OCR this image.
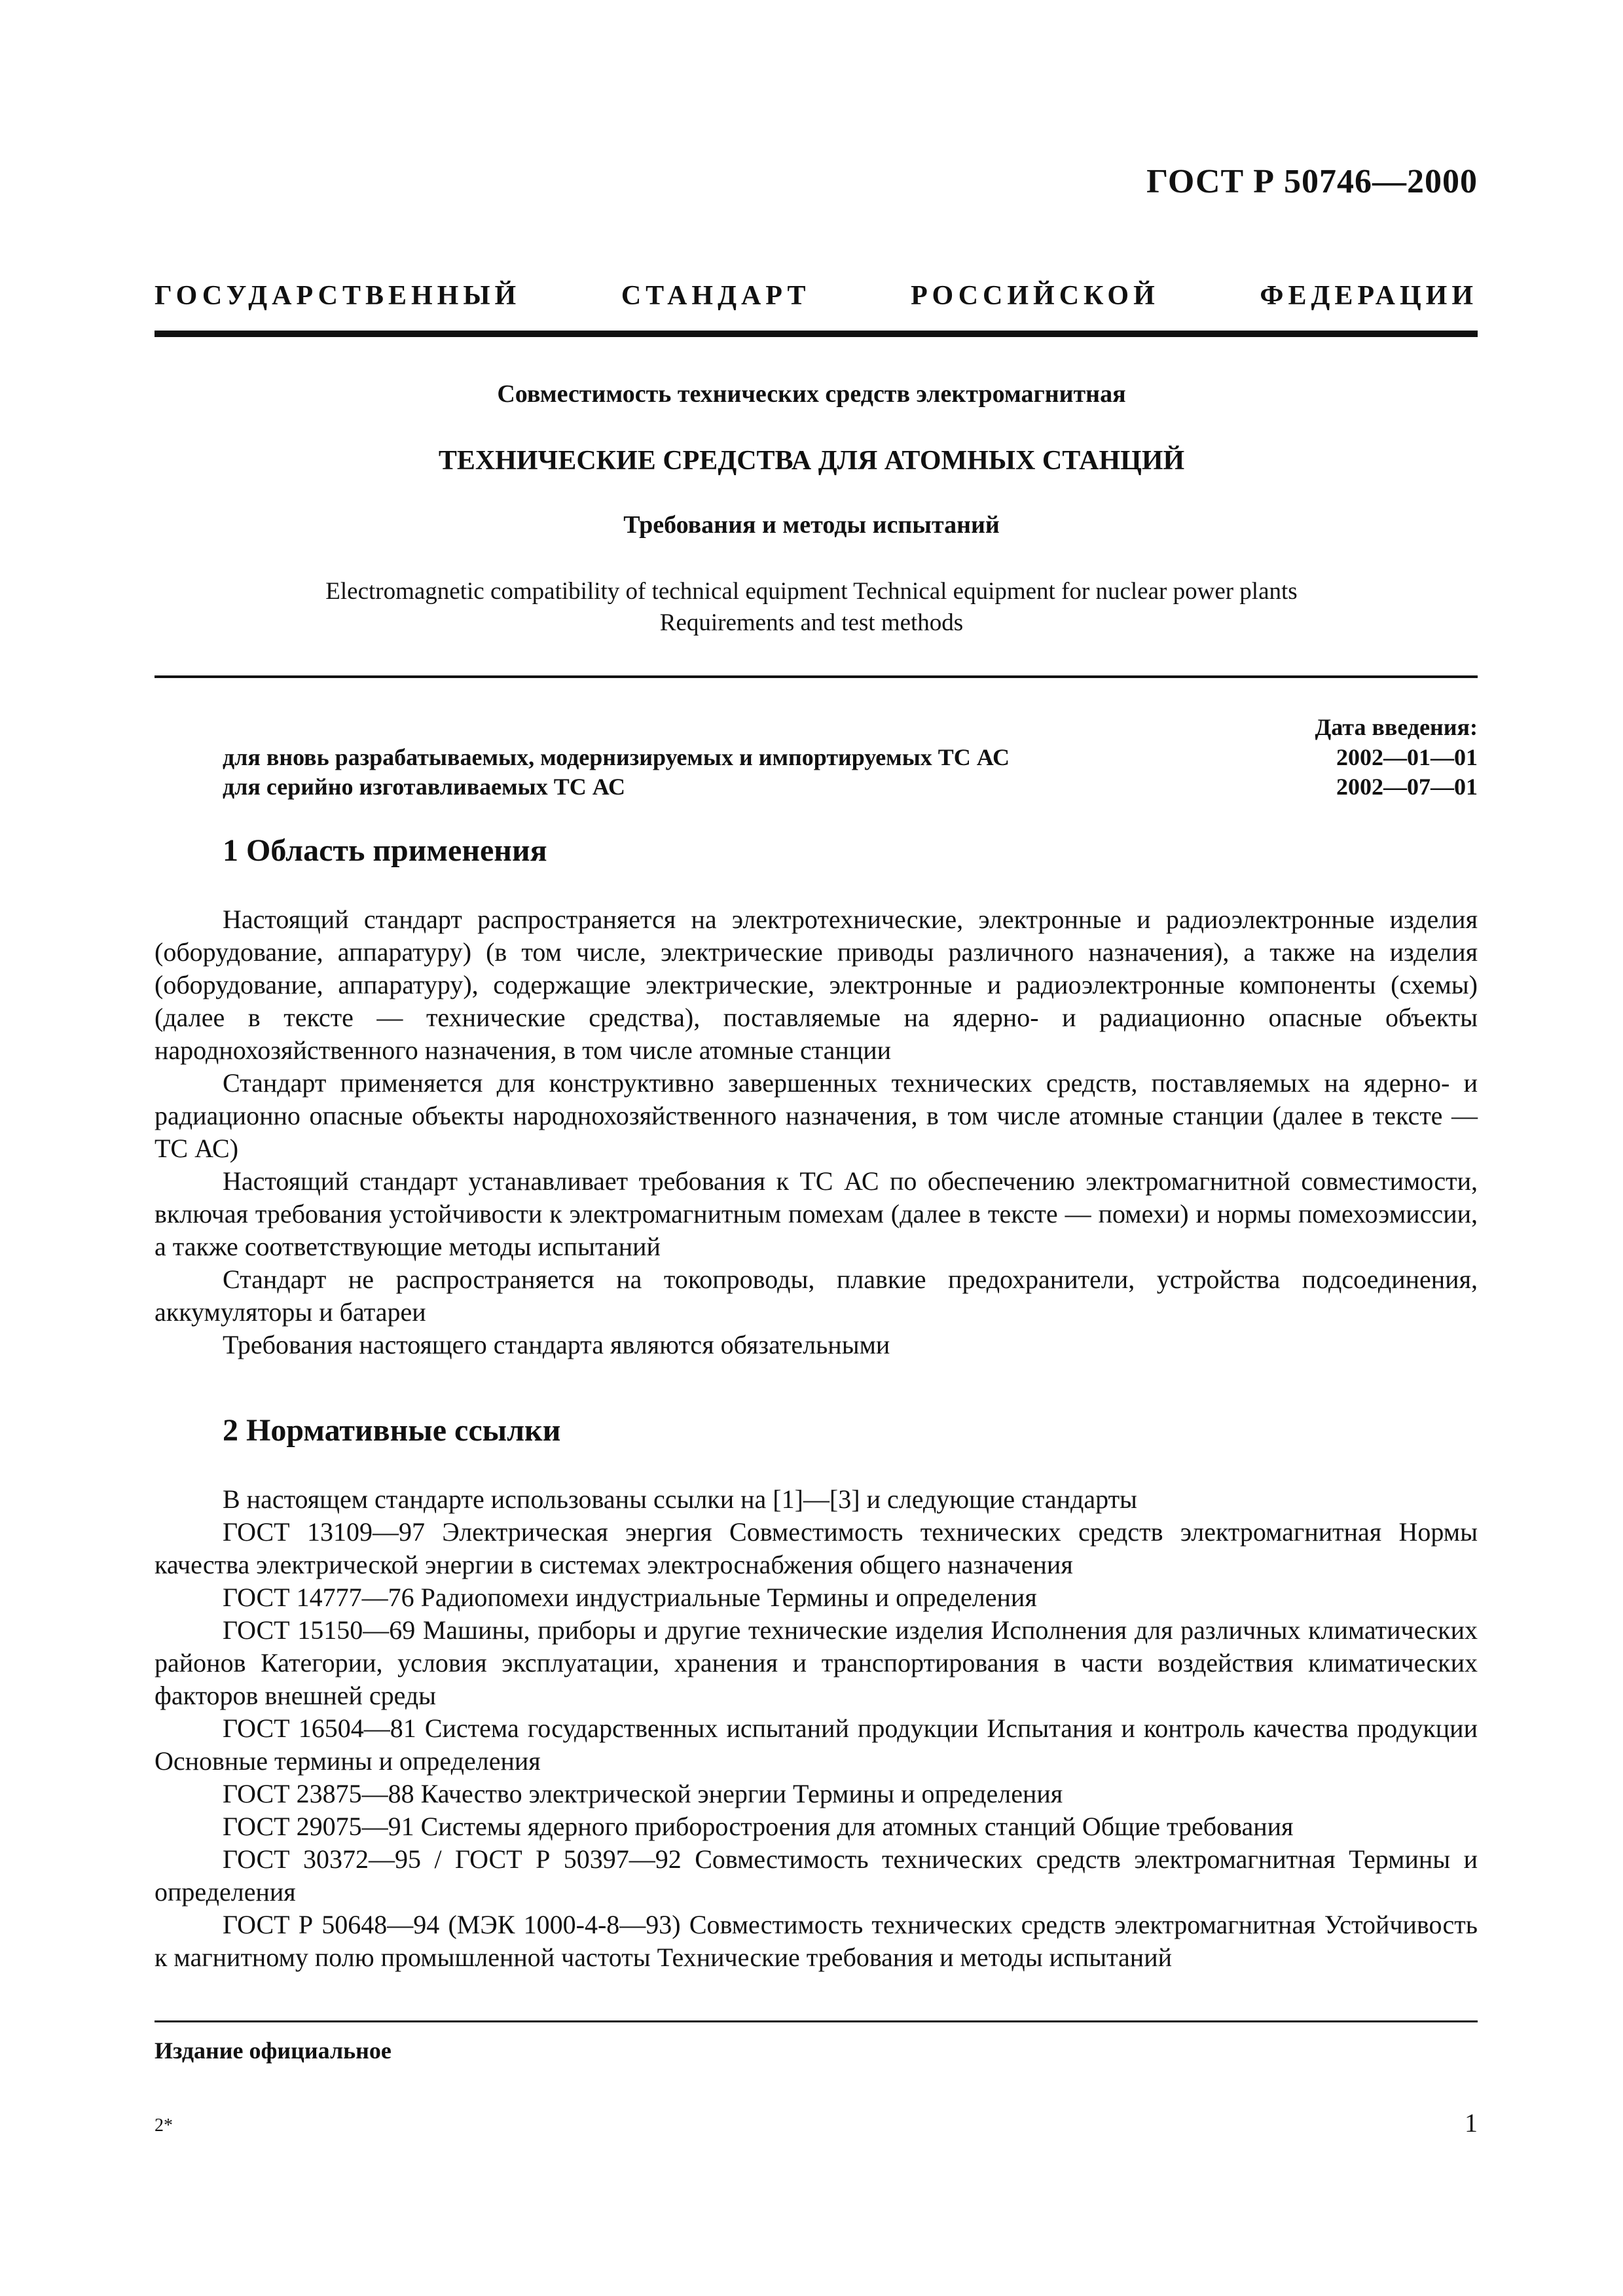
ГОСТ Р 50746—2000
ГОСУДАРСТВЕННЫЙ СТАНДАРТ РОССИЙСКОЙ ФЕДЕРАЦИИ
Совместимость технических средств электромагнитная
ТЕХНИЧЕСКИЕ СРЕДСТВА ДЛЯ АТОМНЫХ СТАНЦИЙ
Требования и методы испытаний
Electromagnetic compatibility of technical equipment Technical equipment for nuclear power plants
Requirements and test methods
Дата введения:
для вновь разрабатываемых, модернизируемых и импортируемых ТС АС	2002—01—01
для серийно изготавливаемых ТС АС	2002—07—01
1 Область применения

Настоящий стандарт распространяется на электротехнические, электронные и радиоэлектронные изделия (оборудование, аппаратуру) (в том числе, электрические приводы различного назначения), а также на изделия (оборудование, аппаратуру), содержащие электрические, электронные и радиоэлектронные компоненты (схемы) (далее в тексте — технические средства), поставляемые на ядерно- и радиационно опасные объекты народнохозяйственного назначения, в том числе атомные станции

Стандарт применяется для конструктивно завершенных технических средств, поставляемых на ядерно- и радиационно опасные объекты народнохозяйственного назначения, в том числе атомные станции (далее в тексте — ТС АС)

Настоящий стандарт устанавливает требования к ТС АС по обеспечению электромагнитной совместимости, включая требования устойчивости к электромагнитным помехам (далее в тексте — помехи) и нормы помехоэмиссии, а также соответствующие методы испытаний

Стандарт не распространяется на токопроводы, плавкие предохранители, устройства подсоединения, аккумуляторы и батареи

Требования настоящего стандарта являются обязательными

2 Нормативные ссылки

В настоящем стандарте использованы ссылки на [1]—[3] и следующие стандарты

ГОСТ 13109—97 Электрическая энергия Совместимость технических средств электромагнитная Нормы качества электрической энергии в системах электроснабжения общего назначения

ГОСТ 14777—76 Радиопомехи индустриальные Термины и определения

ГОСТ 15150—69 Машины, приборы и другие технические изделия Исполнения для различных климатических районов Категории, условия эксплуатации, хранения и транспортирования в части воздействия климатических факторов внешней среды

ГОСТ 16504—81 Система государственных испытаний продукции Испытания и контроль качества продукции Основные термины и определения

ГОСТ 23875—88 Качество электрической энергии Термины и определения

ГОСТ 29075—91 Системы ядерного приборостроения для атомных станций Общие требования

ГОСТ 30372—95 / ГОСТ Р 50397—92 Совместимость технических средств электромагнитная Термины и определения

ГОСТ Р 50648—94 (МЭК 1000-4-8—93) Совместимость технических средств электромагнитная Устойчивость к магнитному полю промышленной частоты Технические требования и методы испытаний

Издание официальное
2*	1
